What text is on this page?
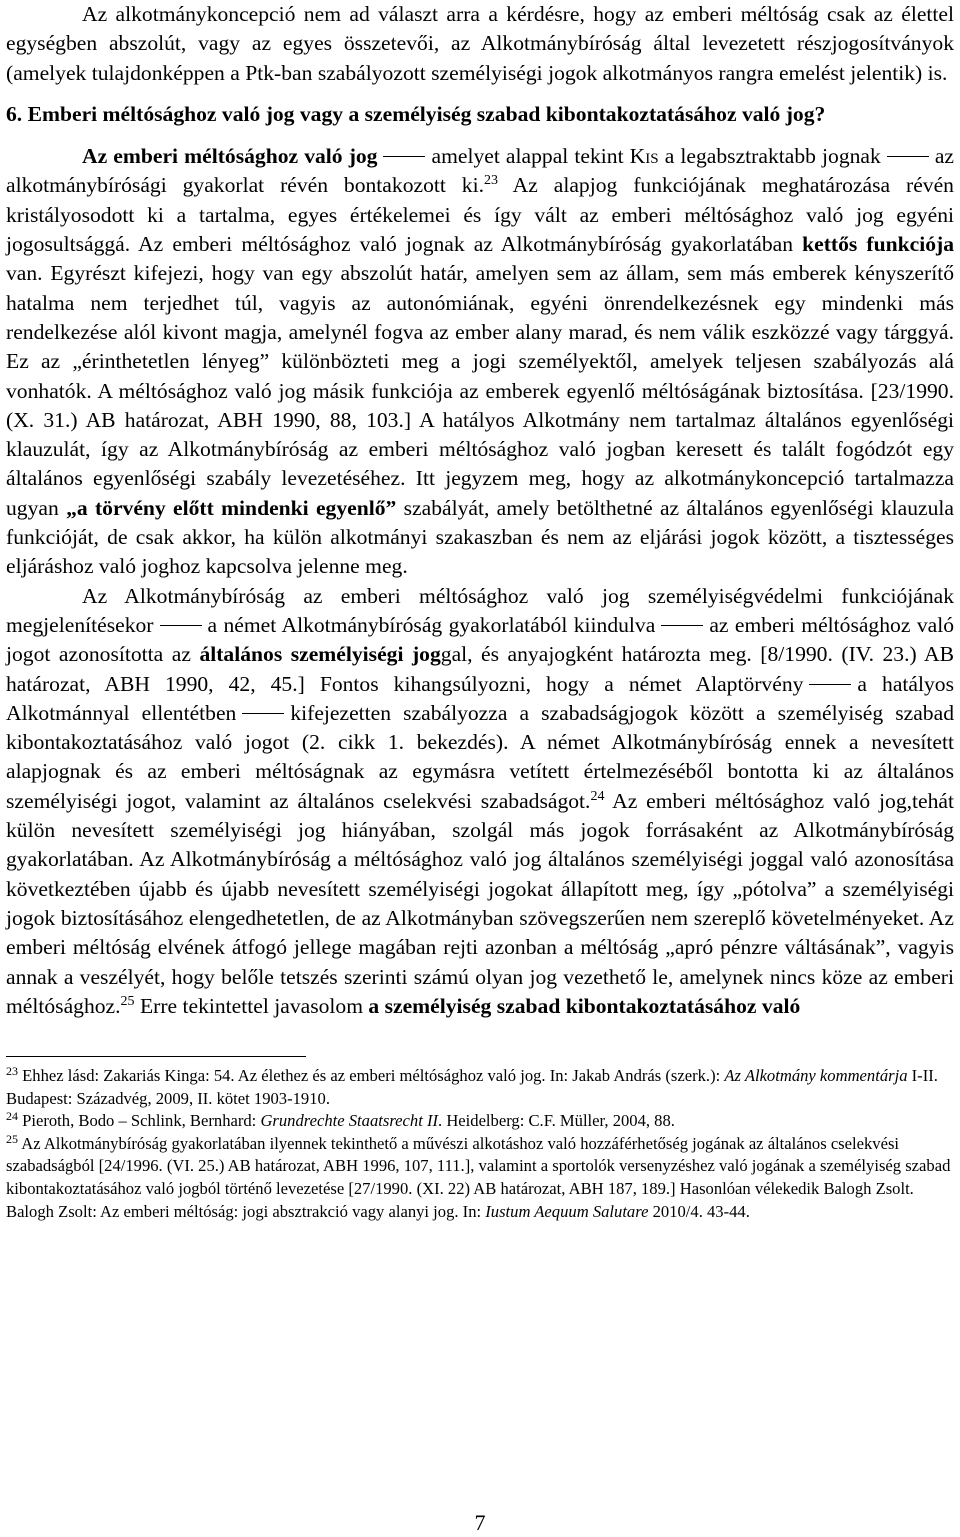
Az alkotmánykoncepció nem ad választ arra a kérdésre, hogy az emberi méltóság csak az élettel egységben abszolút, vagy az egyes összetevői, az Alkotmánybíróság által levezetett részjogosítványok (amelyek tulajdonképpen a Ptk-ban szabályozott személyiségi jogok alkotmányos rangra emelést jelentik) is.

6. Emberi méltósághoz való jog vagy a személyiség szabad kibontakoztatásához való jog?

Az emberi méltósághoz való jog	amelyet alappal tekint Kis a legabsztraktabb jognak	az alkotmánybírósági gyakorlat révén bontakozott ki.$^{23}$ Az alapjog funkciójának meghatározása révén kristályosodott ki a tartalma, egyes értékelemei és így vált az emberi méltósághoz való jog egyéni jogosultsággá. Az emberi méltósághoz való jognak az Alkotmánybíróság gyakorlatában kettős funkciója van. Egyrészt kifejezi, hogy van egy abszolút határ, amelyen sem az állam, sem más emberek kényszerítő hatalma nem terjedhet túl, vagyis az autonómiának, egyéni önrendelkezésnek egy mindenki más rendelkezése alól kivont magja, amelynél fogva az ember alany marad, és nem válik eszközzé vagy tárggyá. Ez az „érinthetetlen lényeg” különbözteti meg a jogi személyektől, amelyek teljesen szabályozás alá vonhatók. A méltósághoz való jog másik funkciója az emberek egyenlő méltóságának biztosítása. [23/1990. (X. 31.) AB határozat, ABH 1990, 88, 103.] A hatályos Alkotmány nem tartalmaz általános egyenlőségi klauzulát, így az Alkotmánybíróság az emberi méltósághoz való jogban keresett és talált fogódzót egy általános egyenlőségi szabály levezetéséhez. Itt jegyzem meg, hogy az alkotmánykoncepció tartalmazza ugyan „a törvény előtt mindenki egyenlő” szabályát, amely betölthetné az általános egyenlőségi klauzula funkcióját, de csak akkor, ha külön alkotmányi szakaszban és nem az eljárási jogok között, a tisztességes eljáráshoz való joghoz kapcsolva jelenne meg.

Az Alkotmánybíróság az emberi méltósághoz való jog személyiségvédelmi funkciójának megjelenítésekor	a német Alkotmánybíróság gyakorlatából kiindulva	az emberi méltósághoz való jogot azonosította az általános személyiségi joggal, és anyajogként határozta meg. [8/1990. (IV. 23.) AB határozat, ABH 1990, 42, 45.] Fontos kihangsúlyozni, hogy a német Alaptörvény	a hatályos Alkotmánnyal ellentétben	kifejezetten szabályozza a szabadságjogok között a személyiség szabad kibontakoztatásához való jogot (2. cikk 1. bekezdés). A német Alkotmánybíróság ennek a nevesített alapjognak és az emberi méltóságnak az egymásra vetített értelmezéséből bontotta ki az általános személyiségi jogot, valamint az általános cselekvési szabadságot.$^{24}$ Az emberi méltósághoz való jog,tehát külön nevesített személyiségi jog hiányában, szolgál más jogok forrásaként az Alkotmánybíróság gyakorlatában. Az Alkotmánybíróság a méltósághoz való jog általános személyiségi joggal való azonosítása következtében újabb és újabb nevesített személyiségi jogokat állapított meg, így „pótolva” a személyiségi jogok biztosításához elengedhetetlen, de az Alkotmányban szövegszerűen nem szereplő követelményeket. Az emberi méltóság elvének átfogó jellege magában rejti azonban a méltóság „apró pénzre váltásának”, vagyis annak a veszélyét, hogy belőle tetszés szerinti számú olyan jog vezethető le, amelynek nincs köze az emberi méltósághoz.$^{25}$ Erre tekintettel javasolom a személyiség szabad kibontakoztatásához való

$^{23}$ Ehhez lásd: Zakariás Kinga: 54. Az élethez és az emberi méltósághoz való jog. In: Jakab András (szerk.): Az Alkotmány kommentárja I-II. Budapest: Századvég, 2009, II. kötet 1903-1910.

$^{24}$ Pieroth, Bodo – Schlink, Bernhard: Grundrechte Staatsrecht II. Heidelberg: C.F. Müller, 2004, 88.

$^{25}$ Az Alkotmánybíróság gyakorlatában ilyennek tekinthető a művészi alkotáshoz való hozzáférhetőség jogának az általános cselekvési szabadságból [24/1996. (VI. 25.) AB határozat, ABH 1996, 107, 111.], valamint a sportolók versenyzéshez való jogának a személyiség szabad kibontakoztatásához való jogból történő levezetése [27/1990. (XI. 22) AB határozat, ABH 187, 189.] Hasonlóan vélekedik Balogh Zsolt. Balogh Zsolt: Az emberi méltóság: jogi absztrakció vagy alanyi jog. In: Iustum Aequum Salutare 2010/4. 43-44.

7
